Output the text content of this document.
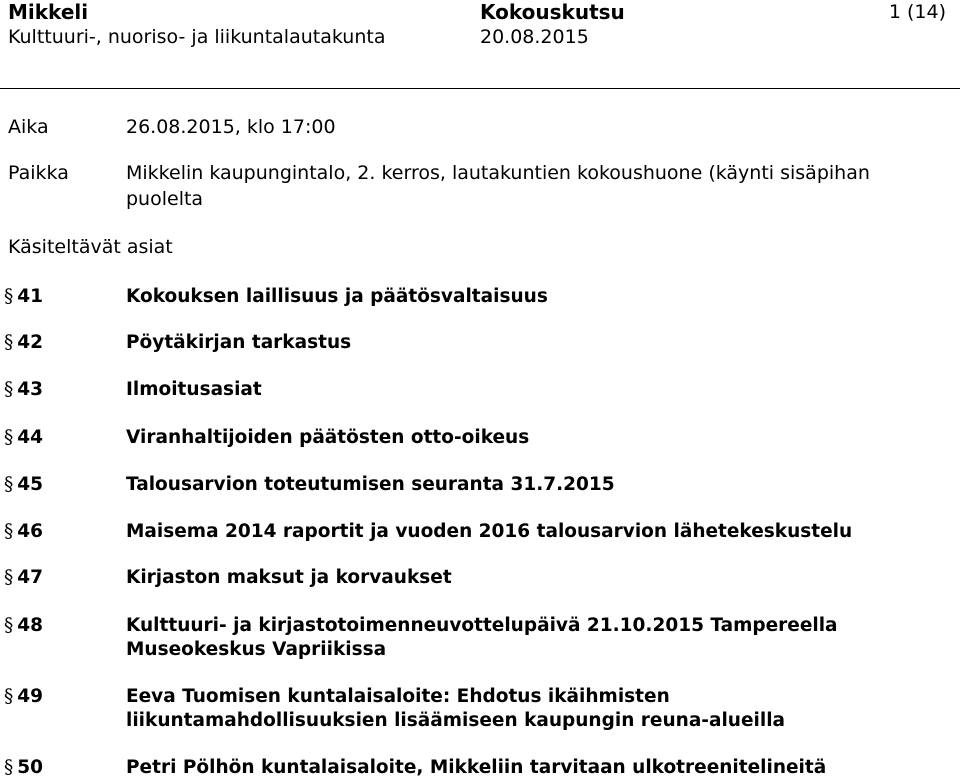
Mikkeli
Kulttuuri-, nuoriso- ja liikuntalautakunta
Kokouskutsu
20.08.2015
1 (14)
Aika	26.08.2015, klo 17:00
Paikka	Mikkelin kaupungintalo, 2. kerros, lautakuntien kokoushuone (käynti sisäpihan puolelta
Käsiteltävät asiat
§ 41	Kokouksen laillisuus ja päätösvaltaisuus
§ 42	Pöytäkirjan tarkastus
§ 43	Ilmoitusasiat
§ 44	Viranhaltijoiden päätösten otto-oikeus
§ 45	Talousarvion toteutumisen seuranta 31.7.2015
§ 46	Maisema 2014 raportit ja vuoden 2016 talousarvion lähetekeskustelu
§ 47	Kirjaston maksut ja korvaukset
§ 48	Kulttuuri- ja kirjastotoimenneuvottelupäivä 21.10.2015 Tampereella Museokeskus Vapriikissa
§ 49	Eeva Tuomisen kuntalaisaloite: Ehdotus ikäihmisten liikuntamahdollisuuksien lisäämiseen kaupungin reuna-alueilla
§ 50	Petri Pölhön kuntalaisaloite, Mikkeliin tarvitaan ulkotreenitelineitä
